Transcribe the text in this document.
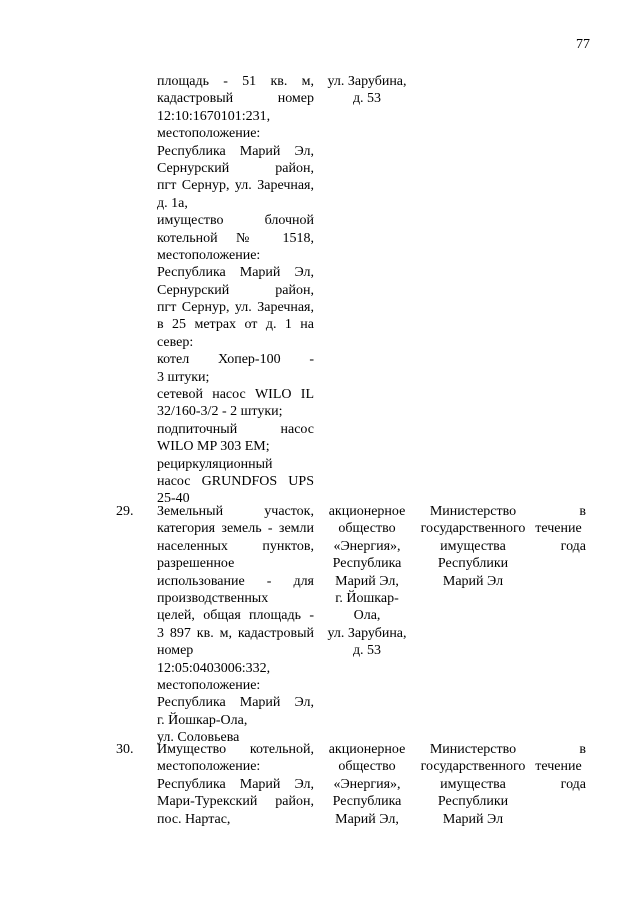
77
площадь - 51 кв. м,
кадастровый номер
12:10:1670101:231,
местоположение:
Республика Марий Эл,
Сернурский район,
пгт Сернур, ул. Заречная,
д. 1а,
имущество блочной
котельной № 1518,
местоположение:
Республика Марий Эл,
Сернурский район,
пгт Сернур, ул. Заречная,
в 25 метрах от д. 1 на
север:
котел Хопер-100 -
3 штуки;
сетевой насос WILO IL
32/160-3/2 - 2 штуки;
подпиточный насос
WILO MP 303 EM;
рециркуляционный
насос GRUNDFOS UPS
25-40
ул. Зарубина,
д. 53
29.	Земельный участок,
категория земель - земли
населенных пунктов,
разрешенное
использование - для
производственных
целей, общая площадь -
3 897 кв. м, кадастровый
номер
12:05:0403006:332,
местоположение:
Республика Марий Эл,
г. Йошкар-Ола,
ул. Соловьева
акционерное
общество
«Энергия»,
Республика
Марий Эл,
г. Йошкар-
Ола,
ул. Зарубина,
д. 53
Министерство
государственного
имущества
Республики
Марий Эл
в
течение
года
30.	Имущество котельной,
местоположение:
Республика Марий Эл,
Мари-Турекский район,
пос. Нартас,
акционерное
общество
«Энергия»,
Республика
Марий Эл,
Министерство
государственного
имущества
Республики
Марий Эл
в
течение
года
